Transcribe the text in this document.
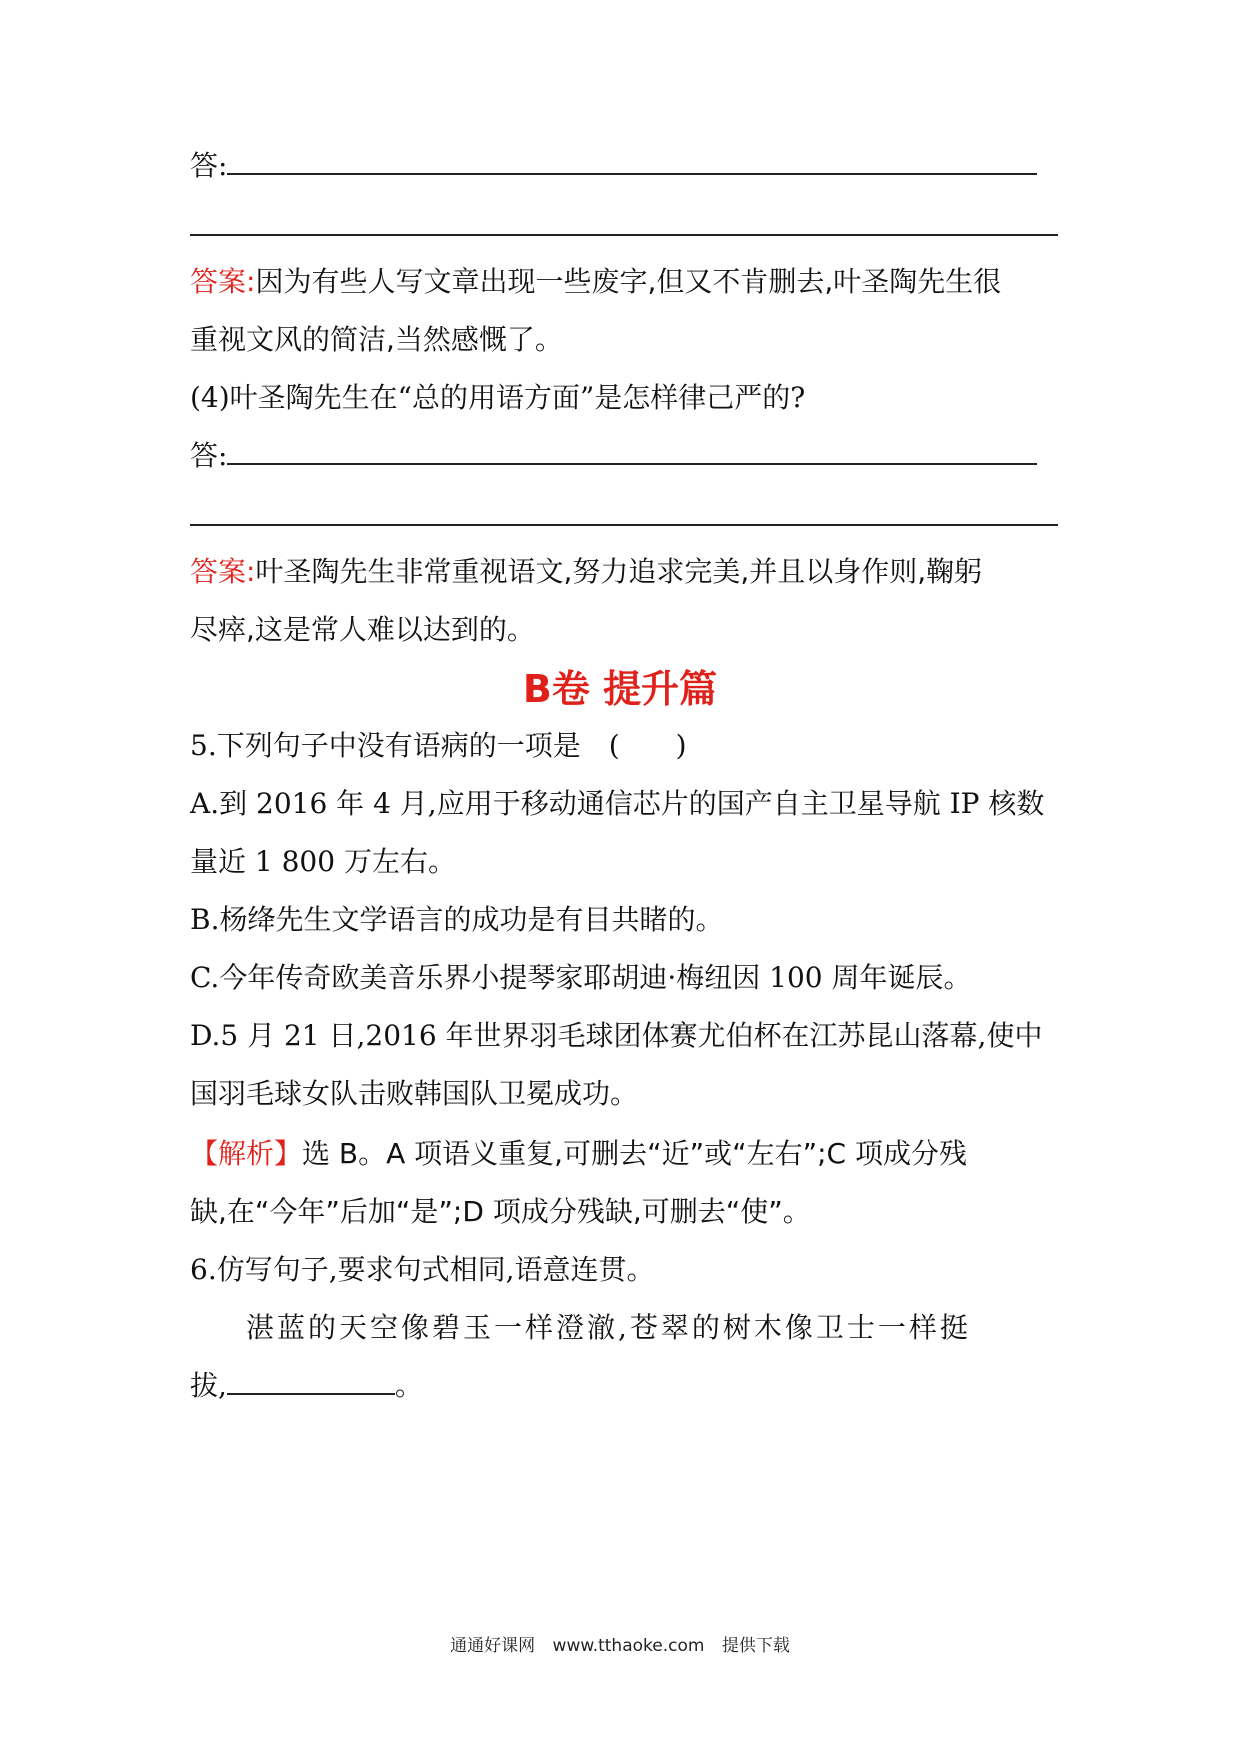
答:
答案:因为有些人写文章出现一些废字,但又不肯删去,叶圣陶先生很
重视文风的简洁,当然感慨了。
(4)叶圣陶先生在“总的用语方面”是怎样律己严的?
答:
答案:叶圣陶先生非常重视语文,努力追求完美,并且以身作则,鞠躬
尽瘁,这是常人难以达到的。
B卷 提升篇
5.下列句子中没有语病的一项是 (　　)
A.到 2016 年 4 月,应用于移动通信芯片的国产自主卫星导航 IP 核数
量近 1 800 万左右。
B.杨绛先生文学语言的成功是有目共睹的。
C.今年传奇欧美音乐界小提琴家耶胡迪·梅纽因 100 周年诞辰。
D.5 月 21 日,2016 年世界羽毛球团体赛尤伯杯在江苏昆山落幕,使中
国羽毛球女队击败韩国队卫冕成功。
【解析】选 B。A 项语义重复,可删去“近”或“左右”;C 项成分残
缺,在“今年”后加“是”;D 项成分残缺,可删去“使”。
6.仿写句子,要求句式相同,语意连贯。
湛蓝的天空像碧玉一样澄澈,苍翠的树木像卫士一样挺
拔,	。
通通好课网 www.tthaoke.com 提供下载
